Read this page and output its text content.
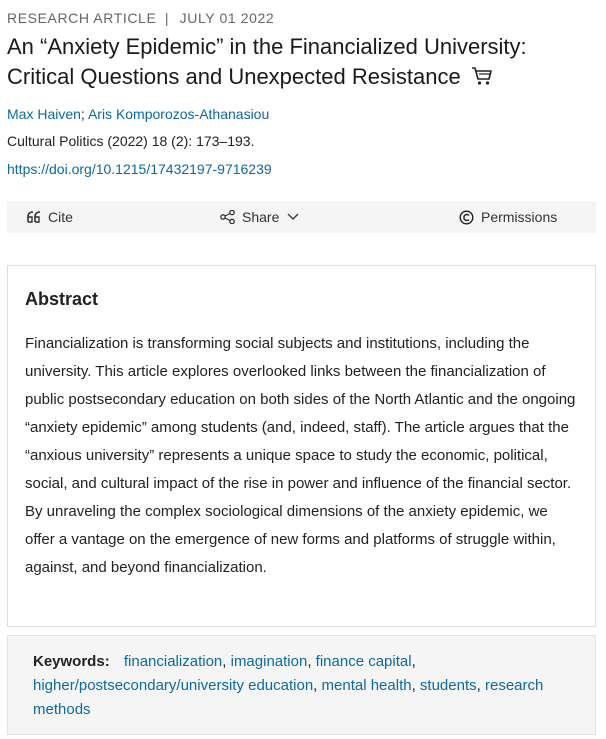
RESEARCH ARTICLE | JULY 01 2022
An “Anxiety Epidemic” in the Financialized University: Critical Questions and Unexpected Resistance
Max Haiven; Aris Komporozos-Athanasiou
Cultural Politics (2022) 18 (2): 173–193.
https://doi.org/10.1215/17432197-9716239
Cite	Share	Permissions
Abstract
Financialization is transforming social subjects and institutions, including the university. This article explores overlooked links between the financialization of public postsecondary education on both sides of the North Atlantic and the ongoing “anxiety epidemic” among students (and, indeed, staff). The article argues that the “anxious university” represents a unique space to study the economic, political, social, and cultural impact of the rise in power and influence of the financial sector. By unraveling the complex sociological dimensions of the anxiety epidemic, we offer a vantage on the emergence of new forms and platforms of struggle within, against, and beyond financialization.
Keywords: financialization, imagination, finance capital, higher/postsecondary/university education, mental health, students, research methods
